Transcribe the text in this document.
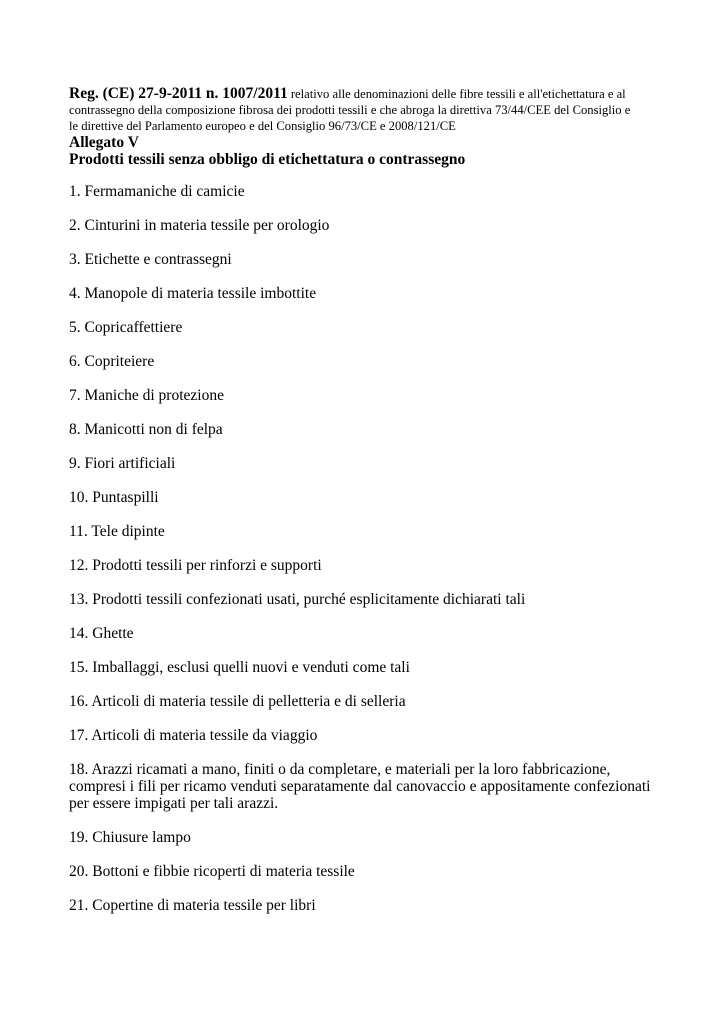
Reg. (CE) 27-9-2011 n. 1007/2011 relativo alle denominazioni delle fibre tessili e all'etichettatura e al
contrassegno della composizione fibrosa dei prodotti tessili e che abroga la direttiva 73/44/CEE del Consiglio e
le direttive del Parlamento europeo e del Consiglio 96/73/CE e 2008/121/CE

Allegato V

Prodotti tessili senza obbligo di etichettatura o contrassegno

1. Fermamaniche di camicie
2. Cinturini in materia tessile per orologio
3. Etichette e contrassegni
4. Manopole di materia tessile imbottite
5. Copricaffettiere
6. Copriteiere
7. Maniche di protezione
8. Manicotti non di felpa
9. Fiori artificiali
10. Puntaspilli
11. Tele dipinte
12. Prodotti tessili per rinforzi e supporti
13. Prodotti tessili confezionati usati, purché esplicitamente dichiarati tali
14. Ghette
15. Imballaggi, esclusi quelli nuovi e venduti come tali
16. Articoli di materia tessile di pelletteria e di selleria
17. Articoli di materia tessile da viaggio
18. Arazzi ricamati a mano, finiti o da completare, e materiali per la loro fabbricazione, compresi i fili per ricamo venduti separatamente dal canovaccio e appositamente confezionati per essere impigati per tali arazzi.
19. Chiusure lampo
20. Bottoni e fibbie ricoperti di materia tessile
21. Copertine di materia tessile per libri
